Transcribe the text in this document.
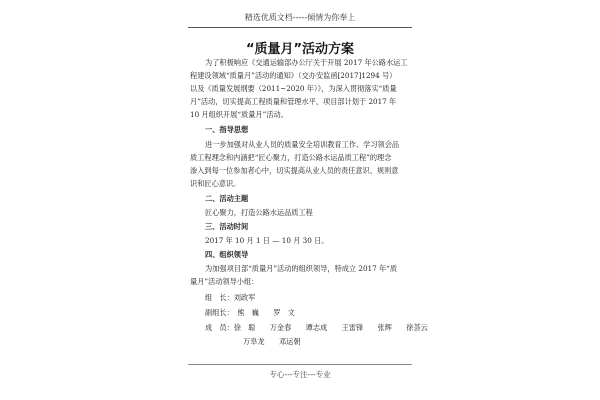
精选优质文档-----倾情为你奉上
“质量月”活动方案
为了积极响应《交通运输部办公厅关于开展 2017 年公路水运工
程建设领域“质量月”活动的通知》（交办安监函[2017]1294 号）
以及《质量发展纲要（2011~2020 年）》，为深入贯彻落实“质量
月”活动，切实提高工程质量和管理水平，项目部计划于 2017 年
10 月组织开展“质量月”活动。
一、指导思想
进一步加强对从业人员的质量安全培训教育工作、学习领会品
质工程理念和内涵把“匠心聚力，打造公路水运品质工程”的理念
渗入到每一位参加者心中，切实提高从业人员的责任意识、规则意
识和匠心意识。
二、活动主题
匠心聚力，打造公路水运品质工程
三、活动时间
2017 年 10 月 1 日 — 10 月 30 日。
四、组织领导
为加强项目部“质量月”活动的组织领导，特成立 2017 年“质
量月”活动领导小组：
组　长：刘政军
副组长：　熊　巍　　罗　文
成　员：徐　聪　　万金春　　谭志成　　王雷锋　　张辉　　徐荟云
万阜龙　　邓运朝
专心---专注---专业
